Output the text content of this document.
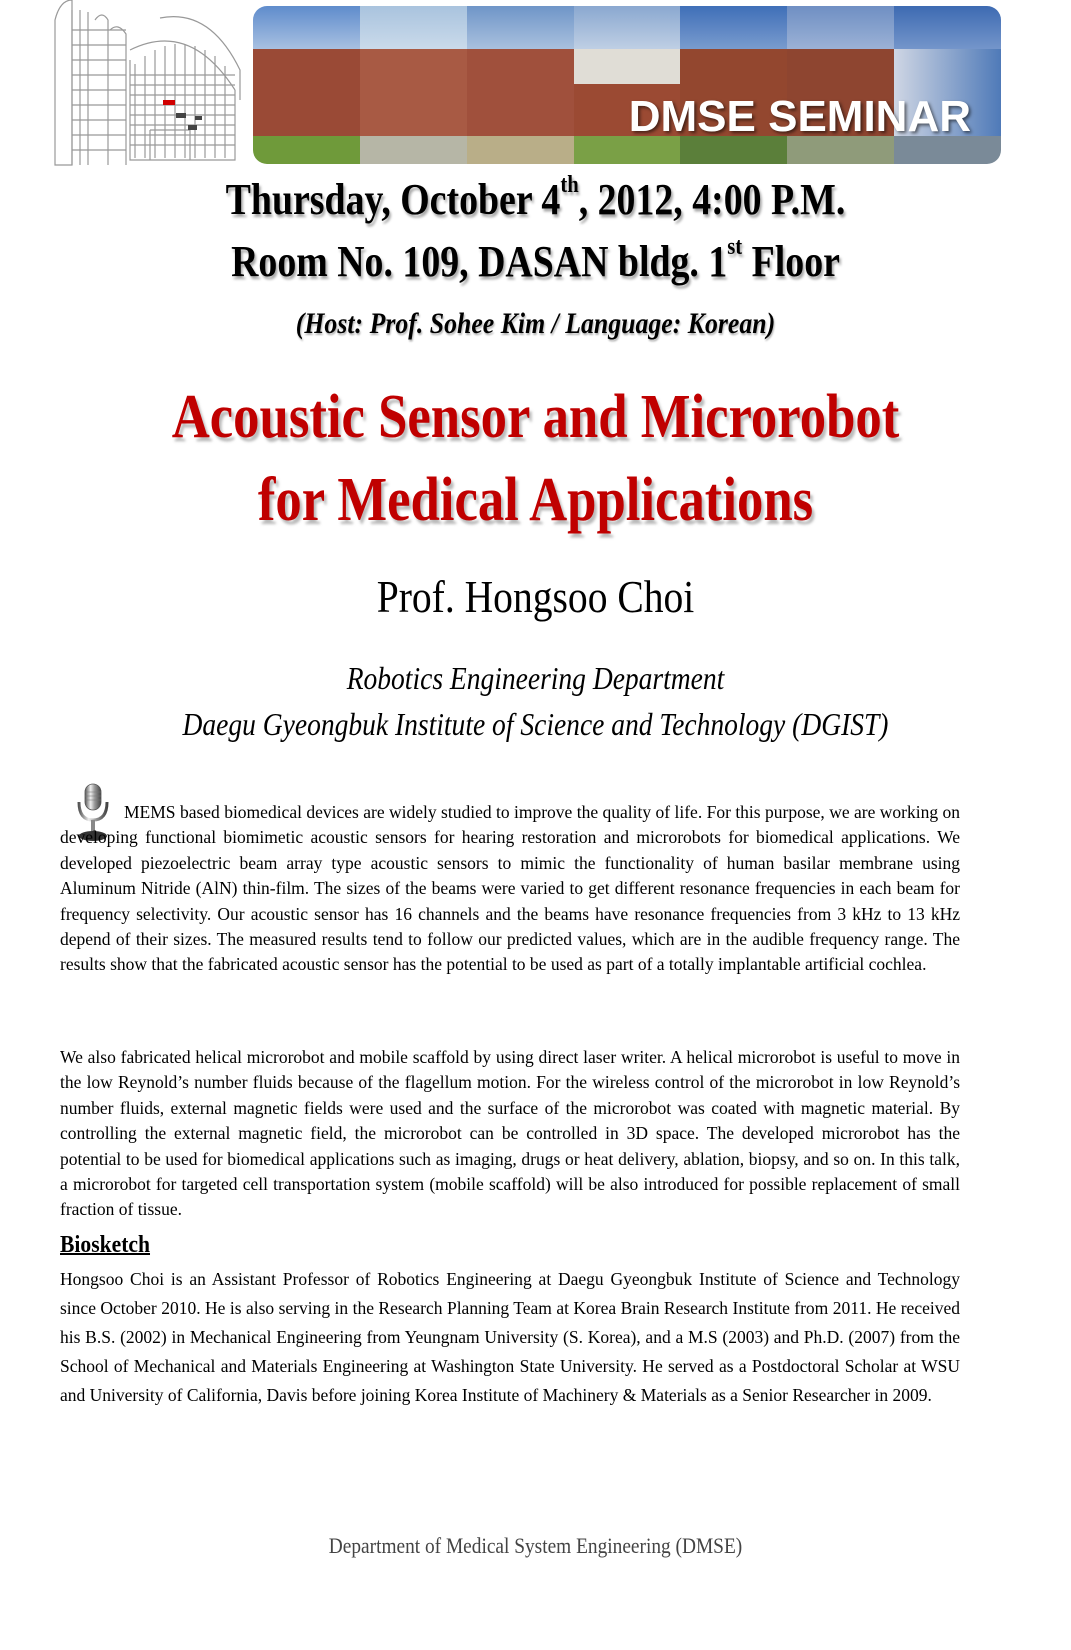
DMSE SEMINAR
Thursday, October 4th, 2012, 4:00 P.M.
Room No. 109, DASAN bldg. 1st Floor
(Host: Prof. Sohee Kim / Language: Korean)
Acoustic Sensor and Microrobot
for Medical Applications
Prof. Hongsoo Choi
Robotics Engineering Department
Daegu Gyeongbuk Institute of Science and Technology (DGIST)
MEMS based biomedical devices are widely studied to improve the quality of life. For this purpose, we are working on developing functional biomimetic acoustic sensors for hearing restoration and microrobots for biomedical applications. We developed piezoelectric beam array type acoustic sensors to mimic the functionality of human basilar membrane using Aluminum Nitride (AlN) thin-film. The sizes of the beams were varied to get different resonance frequencies in each beam for frequency selectivity. Our acoustic sensor has 16 channels and the beams have resonance frequencies from 3 kHz to 13 kHz depend of their sizes. The measured results tend to follow our predicted values, which are in the audible frequency range. The results show that the fabricated acoustic sensor has the potential to be used as part of a totally implantable artificial cochlea.
We also fabricated helical microrobot and mobile scaffold by using direct laser writer. A helical microrobot is useful to move in the low Reynold’s number fluids because of the flagellum motion. For the wireless control of the microrobot in low Reynold’s number fluids, external magnetic fields were used and the surface of the microrobot was coated with magnetic material. By controlling the external magnetic field, the microrobot can be controlled in 3D space. The developed microrobot has the potential to be used for biomedical applications such as imaging, drugs or heat delivery, ablation, biopsy, and so on. In this talk, a microrobot for targeted cell transportation system (mobile scaffold) will be also introduced for possible replacement of small fraction of tissue.
Biosketch
Hongsoo Choi is an Assistant Professor of Robotics Engineering at Daegu Gyeongbuk Institute of Science and Technology since October 2010. He is also serving in the Research Planning Team at Korea Brain Research Institute from 2011. He received his B.S. (2002) in Mechanical Engineering from Yeungnam University (S. Korea), and a M.S (2003) and Ph.D. (2007) from the School of Mechanical and Materials Engineering at Washington State University. He served as a Postdoctoral Scholar at WSU and University of California, Davis before joining Korea Institute of Machinery & Materials as a Senior Researcher in 2009.
Department of Medical System Engineering (DMSE)
